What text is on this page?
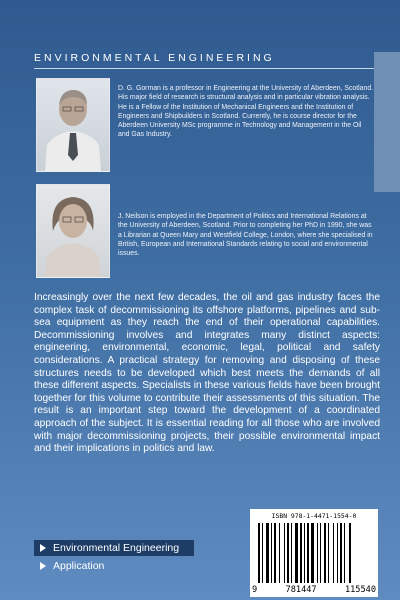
ENVIRONMENTAL ENGINEERING
D. G. Gorman is a professor in Engineering at the University of Aberdeen, Scotland. His major field of research is structural analysis and in particular vibration analysis. He is a Fellow of the Institution of Mechanical Engineers and the Institution of Engineers and Shipbuilders in Scotland. Currently, he is course director for the Aberdeen University MSc programme in Technology and Management in the Oil and Gas Industry.
J. Neilson is employed in the Department of Politics and International Relations at the University of Aberdeen, Scotland. Prior to completing her PhD in 1990, she was a Librarian at Queen Mary and Westfield College, London, where she specialised in British, European and International Standards relating to social and environmental issues.
Increasingly over the next few decades, the oil and gas industry faces the complex task of decommissioning its offshore platforms, pipelines and sub-sea equipment as they reach the end of their operational capabilities. Decommissioning involves and integrates many distinct aspects: engineering, environmental, economic, legal, political and safety considerations. A practical strategy for removing and disposing of these structures needs to be developed which best meets the demands of all these different aspects. Specialists in these various fields have been brought together for this volume to contribute their assessments of this situation. The result is an important step toward the development of a coordinated approach of the subject. It is essential reading for all those who are involved with major decommissioning projects, their possible environmental impact and their implications in politics and law.
Environmental Engineering
Application
ISBN 978-1-4471-1554-0
9	781447	115540
